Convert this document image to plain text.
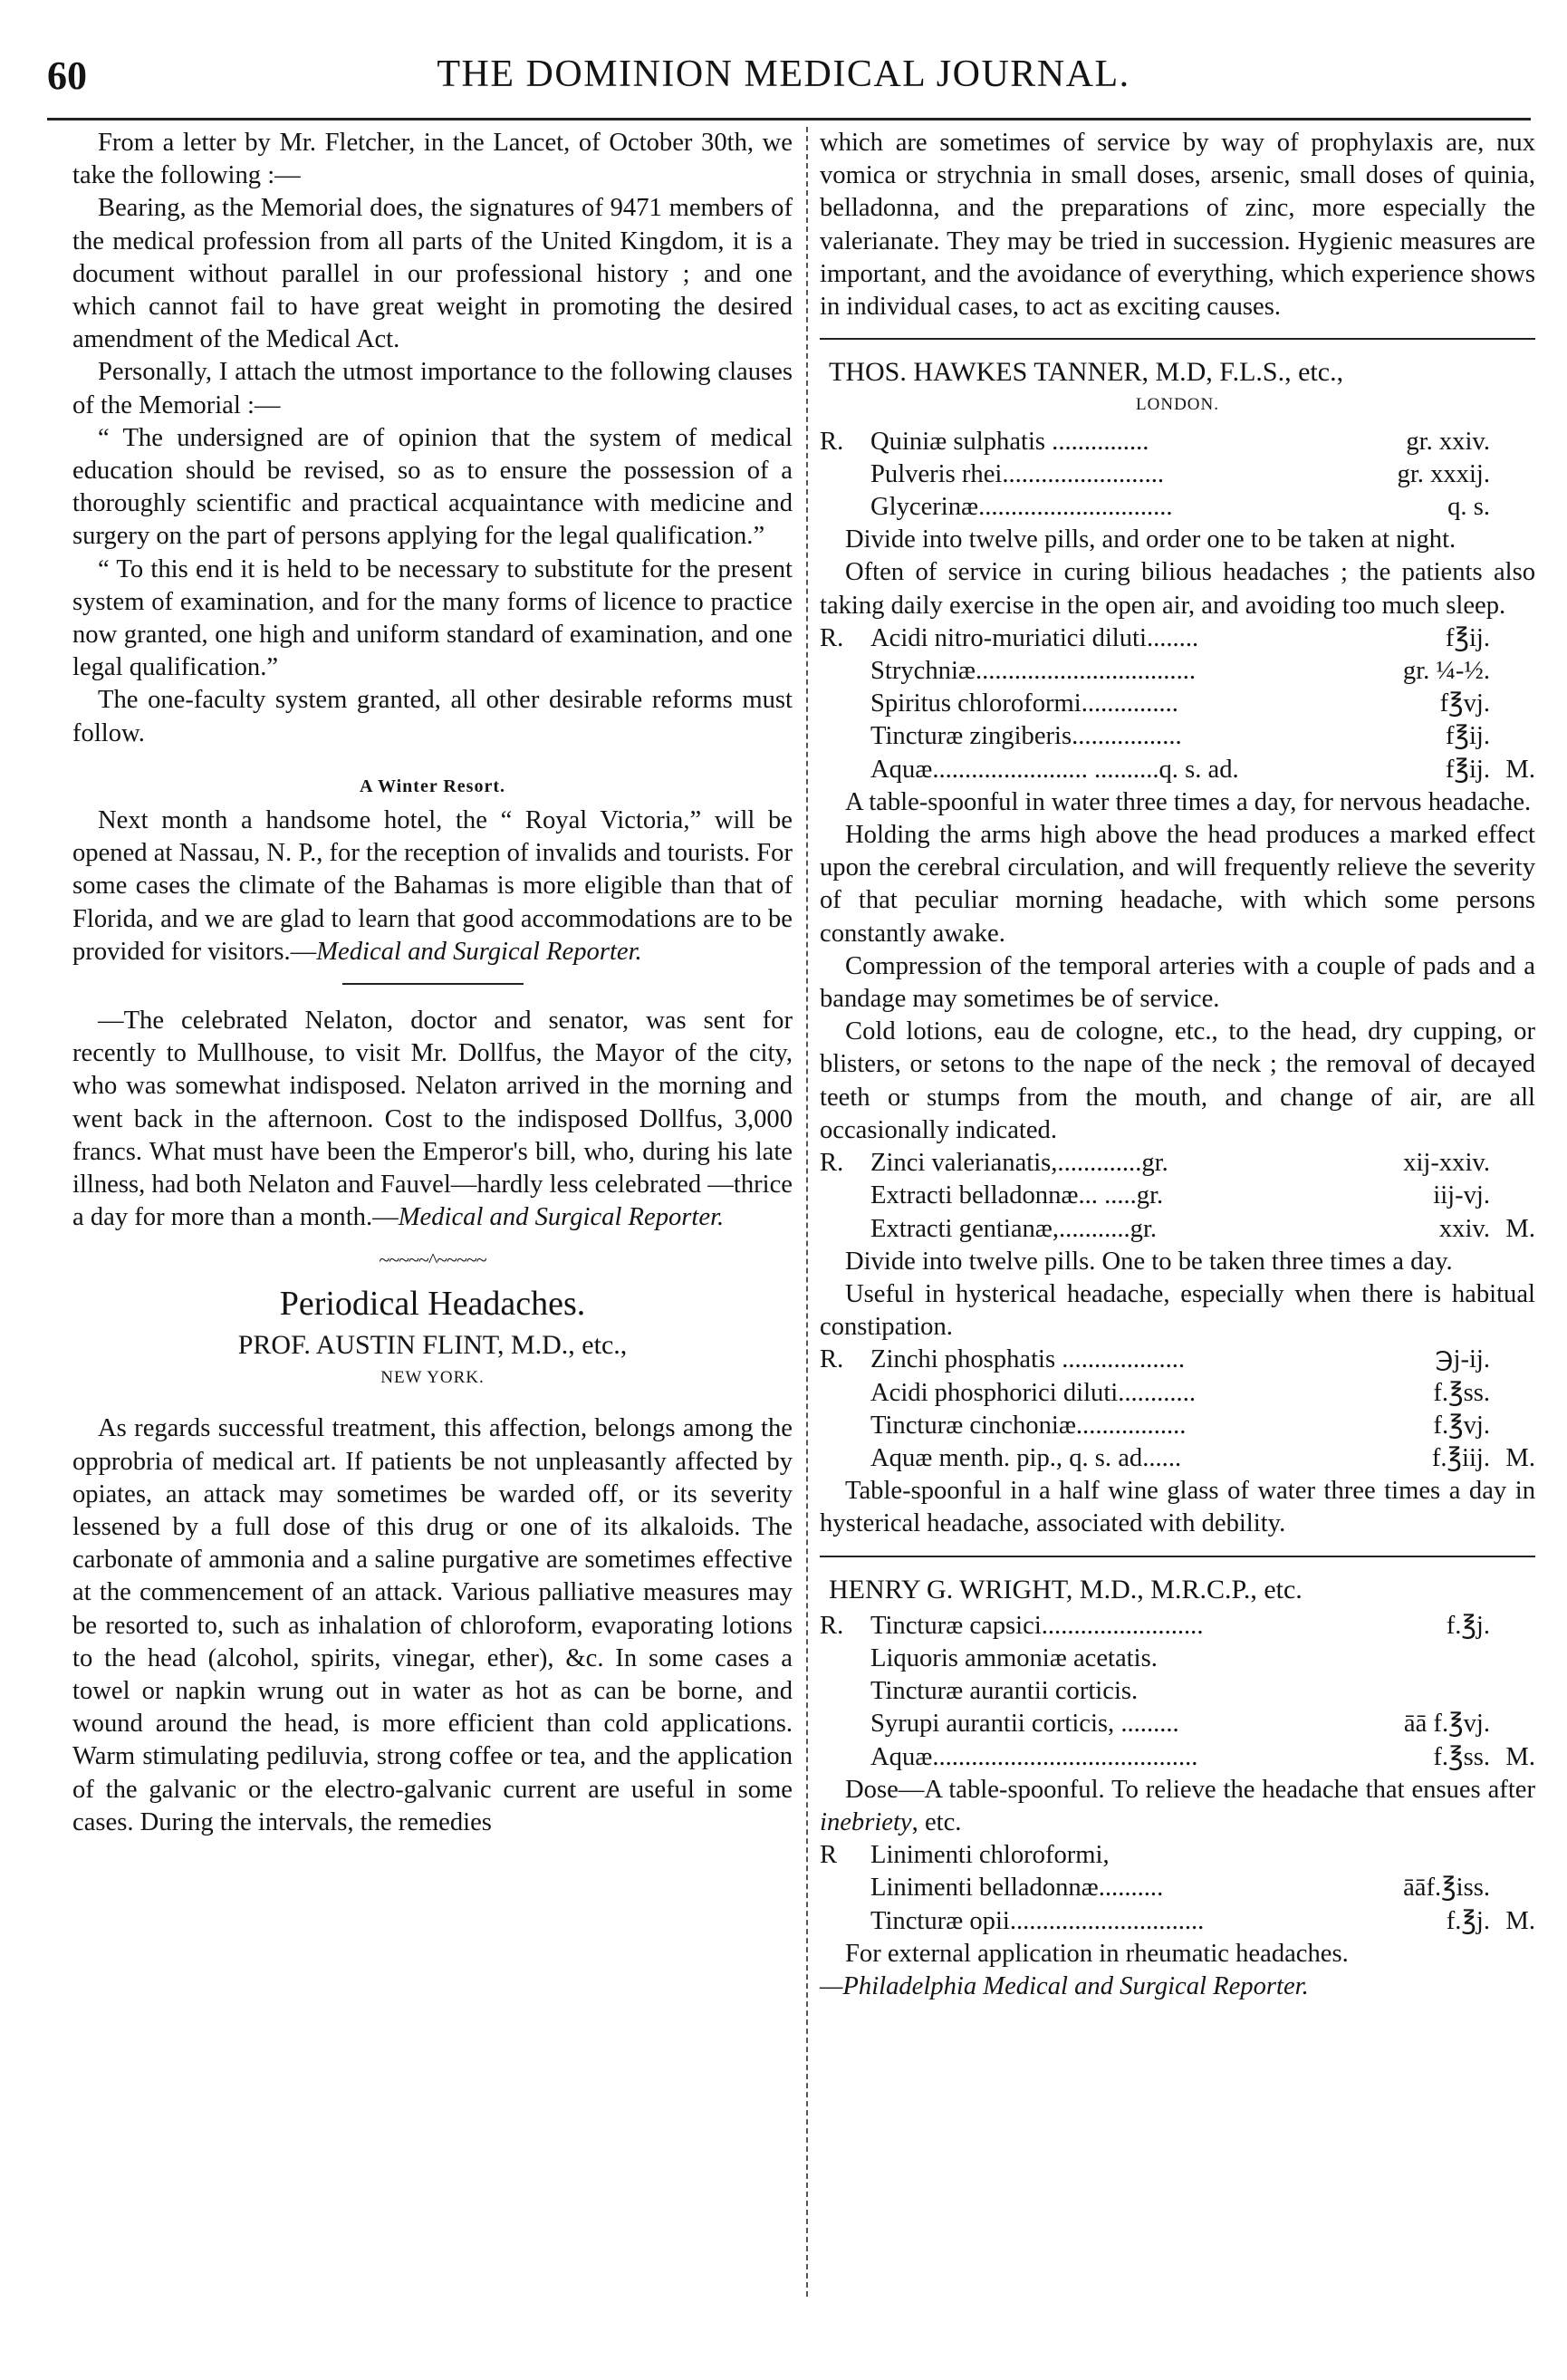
60	THE DOMINION MEDICAL JOURNAL.

From a letter by Mr. Fletcher, in the Lancet, of October 30th, we take the following :—

Bearing, as the Memorial does, the signatures of 9471 members of the medical profession from all parts of the United Kingdom, it is a document without parallel in our professional history ; and one which cannot fail to have great weight in promoting the desired amendment of the Medical Act.

Personally, I attach the utmost importance to the following clauses of the Memorial :—

“ The undersigned are of opinion that the system of medical education should be revised, so as to ensure the possession of a thoroughly scientific and practical acquaintance with medicine and surgery on the part of persons applying for the legal qualification.”

“ To this end it is held to be necessary to substitute for the present system of examination, and for the many forms of licence to practice now granted, one high and uniform standard of examination, and one legal qualification.”

The one-faculty system granted, all other desirable reforms must follow.

A Winter Resort.

Next month a handsome hotel, the “ Royal Victoria,” will be opened at Nassau, N. P., for the reception of invalids and tourists. For some cases the climate of the Bahamas is more eligible than that of Florida, and we are glad to learn that good accommodations are to be provided for visitors.—Medical and Surgical Reporter.

—The celebrated Nelaton, doctor and senator, was sent for recently to Mullhouse, to visit Mr. Dollfus, the Mayor of the city, who was somewhat indisposed. Nelaton arrived in the morning and went back in the afternoon. Cost to the indisposed Dollfus, 3,000 francs. What must have been the Emperor's bill, who, during his late illness, had both Nelaton and Fauvel—hardly less celebrated —thrice a day for more than a month.—Medical and Surgical Reporter.

~~~~~^~~~~~
Periodical Headaches.
PROF. AUSTIN FLINT, M.D., etc.,
NEW YORK.

As regards successful treatment, this affection, belongs among the opprobria of medical art. If patients be not unpleasantly affected by opiates, an attack may sometimes be warded off, or its severity lessened by a full dose of this drug or one of its alkaloids. The carbonate of ammonia and a saline purgative are sometimes effective at the commencement of an attack. Various palliative measures may be resorted to, such as inhalation of chloroform, evaporating lotions to the head (alcohol, spirits, vinegar, ether), &c. In some cases a towel or napkin wrung out in water as hot as can be borne, and wound around the head, is more efficient than cold applications. Warm stimulating pediluvia, strong coffee or tea, and the application of the galvanic or the electro-galvanic current are useful in some cases. During the intervals, the remedies

which are sometimes of service by way of prophylaxis are, nux vomica or strychnia in small doses, arsenic, small doses of quinia, belladonna, and the preparations of zinc, more especially the valerianate. They may be tried in succession. Hygienic measures are important, and the avoidance of everything, which experience shows in individual cases, to act as exciting causes.

THOS. HAWKES TANNER, M.D, F.L.S., etc.,
LONDON.
R.	Quiniæ sulphatis ...............	gr. xxiv.
Pulveris rhei.........................	gr. xxxij.
Glycerinæ..............................	q. s.

Divide into twelve pills, and order one to be taken at night.

Often of service in curing bilious headaches ; the patients also taking daily exercise in the open air, and avoiding too much sleep.

R.	Acidi nitro-muriatici diluti........	f℥ij.
Strychniæ..................................	gr. ¼-½.
Spiritus chloroformi...............	f℥vj.
Tincturæ zingiberis.................	f℥ij.
Aquæ........................ ..........q. s. ad.	f℥ij. M.

A table-spoonful in water three times a day, for nervous headache.

Holding the arms high above the head produces a marked effect upon the cerebral circulation, and will frequently relieve the severity of that peculiar morning headache, with which some persons constantly awake.

Compression of the temporal arteries with a couple of pads and a bandage may sometimes be of service.

Cold lotions, eau de cologne, etc., to the head, dry cupping, or blisters, or setons to the nape of the neck ; the removal of decayed teeth or stumps from the mouth, and change of air, are all occasionally indicated.

R.	Zinci valerianatis,.............gr.	xij-xxiv.
Extracti belladonnæ... .....gr.	iij-vj.
Extracti gentianæ,...........gr.	xxiv. M.

Divide into twelve pills. One to be taken three times a day.

Useful in hysterical headache, especially when there is habitual constipation.

R.	Zinchi phosphatis ...................	℈j-ij.
Acidi phosphorici diluti............	f.℥ss.
Tincturæ cinchoniæ.................	f.℥vj.
Aquæ menth. pip., q. s. ad......	f.℥iij. M.

Table-spoonful in a half wine glass of water three times a day in hysterical headache, associated with debility.

HENRY G. WRIGHT, M.D., M.R.C.P., etc.
R.	Tincturæ capsici.........................	f.℥j.
Liquoris ammoniæ acetatis.
Tincturæ aurantii corticis.
Syrupi aurantii corticis, .........	āā f.℥vj.
Aquæ.........................................	f.℥ss. M.

Dose—A table-spoonful. To relieve the headache that ensues after inebriety, etc.

R	Linimenti chloroformi,
Linimenti belladonnæ..........	āāf.℥iss.
Tincturæ opii..............................	f.℥j. M.

For external application in rheumatic headaches.

—Philadelphia Medical and Surgical Reporter.
